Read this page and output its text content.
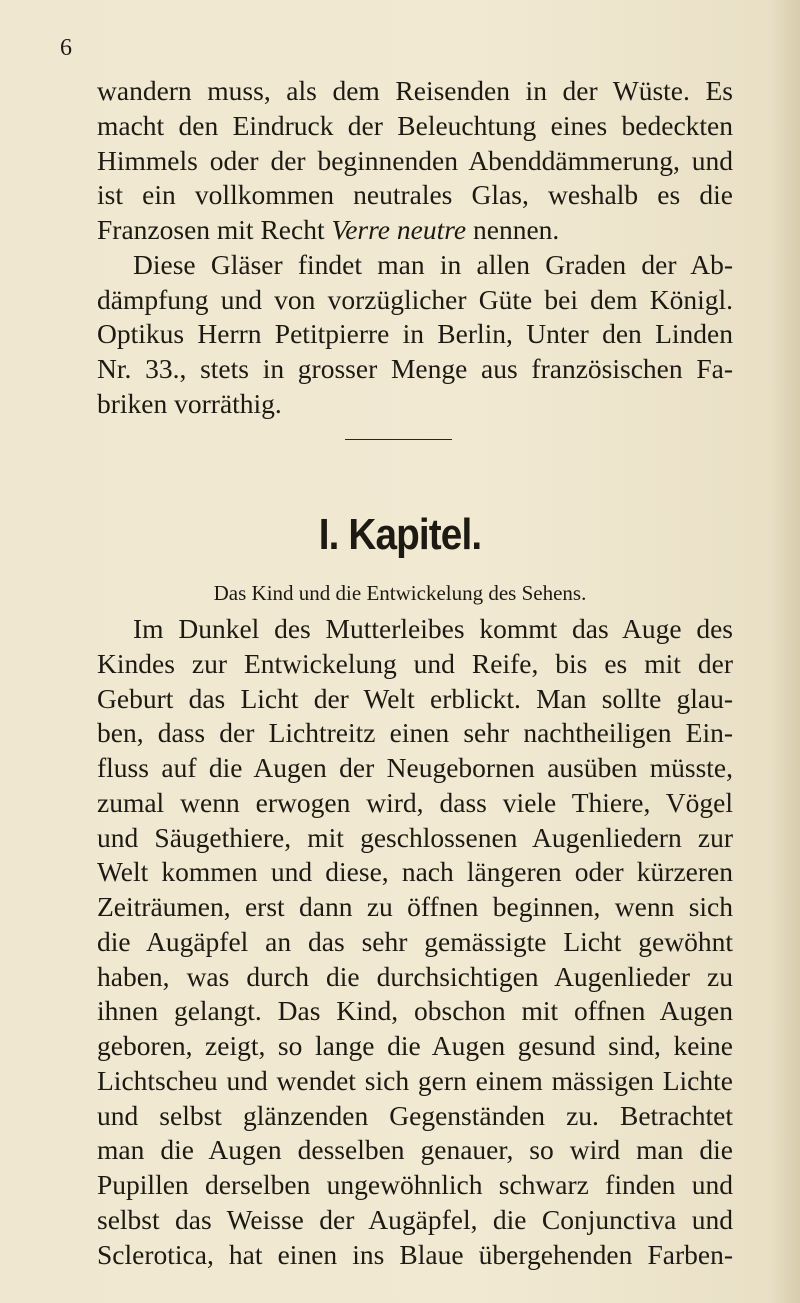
6
wandern muss, als dem Reisenden in der Wüste. Es
macht den Eindruck der Beleuchtung eines bedeckten
Himmels oder der beginnenden Abenddämmerung, und
ist ein vollkommen neutrales Glas, weshalb es die
Franzosen mit Recht Verre neutre nennen.
Diese Gläser findet man in allen Graden der Ab-
dämpfung und von vorzüglicher Güte bei dem Königl.
Optikus Herrn Petitpierre in Berlin, Unter den Linden
Nr. 33., stets in grosser Menge aus französischen Fa-
briken vorräthig.
I. Kapitel.
Das Kind und die Entwickelung des Sehens.
Im Dunkel des Mutterleibes kommt das Auge des
Kindes zur Entwickelung und Reife, bis es mit der
Geburt das Licht der Welt erblickt. Man sollte glau-
ben, dass der Lichtreitz einen sehr nachtheiligen Ein-
fluss auf die Augen der Neugebornen ausüben müsste,
zumal wenn erwogen wird, dass viele Thiere, Vögel
und Säugethiere, mit geschlossenen Augenliedern zur
Welt kommen und diese, nach längeren oder kürzeren
Zeiträumen, erst dann zu öffnen beginnen, wenn sich
die Augäpfel an das sehr gemässigte Licht gewöhnt
haben, was durch die durchsichtigen Augenlieder zu
ihnen gelangt. Das Kind, obschon mit offnen Augen
geboren, zeigt, so lange die Augen gesund sind, keine
Lichtscheu und wendet sich gern einem mässigen Lichte
und selbst glänzenden Gegenständen zu. Betrachtet
man die Augen desselben genauer, so wird man die
Pupillen derselben ungewöhnlich schwarz finden und
selbst das Weisse der Augäpfel, die Conjunctiva und
Sclerotica, hat einen ins Blaue übergehenden Farben-
